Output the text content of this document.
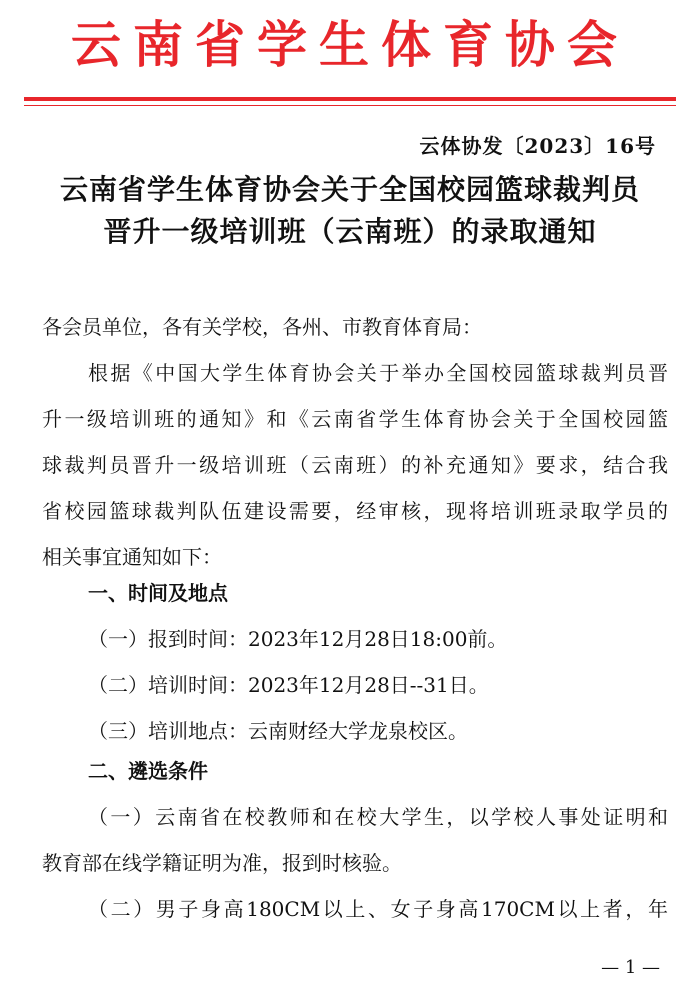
云南省学生体育协会
云体协发〔2023〕16号
云南省学生体育协会关于全国校园篮球裁判员
晋升一级培训班（云南班）的录取通知
各会员单位，各有关学校，各州、市教育体育局：
根据《中国大学生体育协会关于举办全国校园篮球裁判员晋
升一级培训班的通知》和《云南省学生体育协会关于全国校园篮
球裁判员晋升一级培训班（云南班）的补充通知》要求，结合我
省校园篮球裁判队伍建设需要，经审核，现将培训班录取学员的
相关事宜通知如下：
一、时间及地点
（一）报到时间：2023年12月28日18:00前。
（二）培训时间：2023年12月28日--31日。
（三）培训地点：云南财经大学龙泉校区。
二、遴选条件
（一）云南省在校教师和在校大学生，以学校人事处证明和
教育部在线学籍证明为准，报到时核验。
（二）男子身高180CM以上、女子身高170CM以上者，年
— 1 —
